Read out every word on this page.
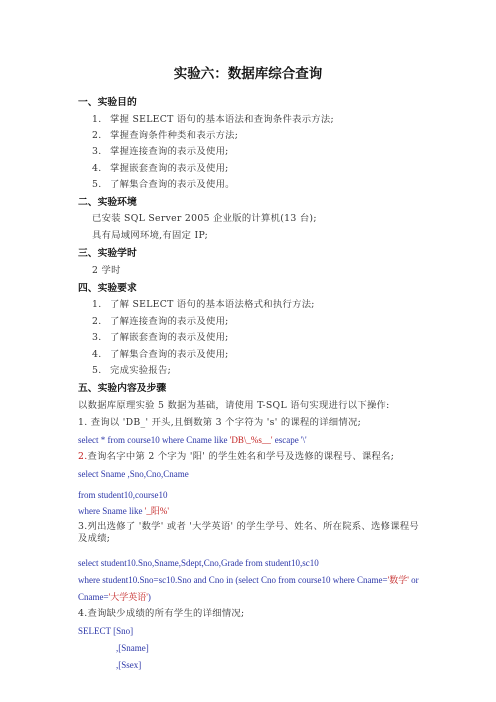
实验六：数据库综合查询
一、实验目的
1. 掌握 SELECT 语句的基本语法和查询条件表示方法;
2. 掌握查询条件种类和表示方法;
3. 掌握连接查询的表示及使用;
4. 掌握嵌套查询的表示及使用;
5. 了解集合查询的表示及使用。
二、实验环境
已安装 SQL Server 2005 企业版的计算机(13 台);
具有局域网环境,有固定 IP;
三、实验学时
2 学时
四、实验要求
1. 了解 SELECT 语句的基本语法格式和执行方法;
2. 了解连接查询的表示及使用;
3. 了解嵌套查询的表示及使用;
4. 了解集合查询的表示及使用;
5. 完成实验报告;
五、实验内容及步骤
以数据库原理实验 5 数据为基础，请使用 T-SQL 语句实现进行以下操作:
1. 查询以 'DB_' 开头,且倒数第 3 个字符为 's' 的课程的详细情况;
select * from course10 where Cname like 'DB\_%s__' escape '\'
2.查询名字中第 2 个字为 '阳' 的学生姓名和学号及选修的课程号、课程名;
select Sname ,Sno,Cno,Cname
from student10,course10
where Sname like '_阳%'
3.列出选修了 '数学' 或者 '大学英语' 的学生学号、姓名、所在院系、选修课程号及成绩;
select student10.Sno,Sname,Sdept,Cno,Grade from student10,sc10
where student10.Sno=sc10.Sno and Cno in (select Cno from course10 where Cname='数学' or
Cname='大学英语')
4.查询缺少成绩的所有学生的详细情况;
SELECT [Sno]
,[Sname]
,[Ssex]
